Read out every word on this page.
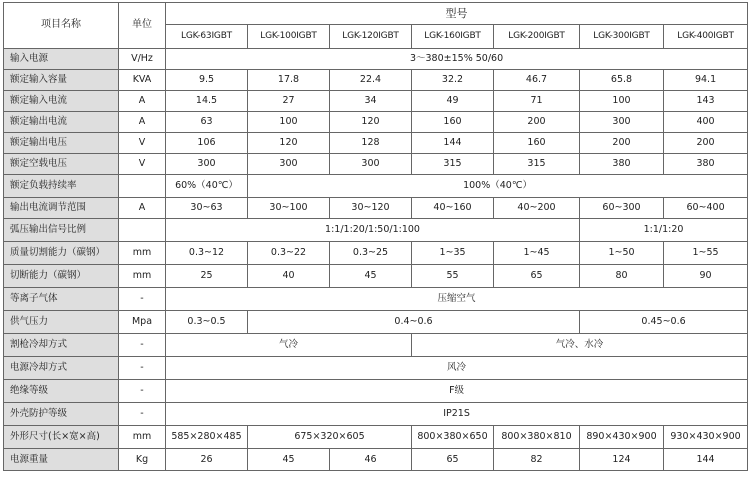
项目名称	单位	型号						
		LGK-63IGBT	LGK-100IGBT	LGK-120IGBT	LGK-160IGBT	LGK-200IGBT	LGK-300IGBT	LGK-400IGBT
输入电源	V/Hz	3～380±15% 50/60						
额定输入容量	KVA	9.5	17.8	22.4	32.2	46.7	65.8	94.1
额定输入电流	A	14.5	27	34	49	71	100	143
额定输出电流	A	63	100	120	160	200	300	400
额定输出电压	V	106	120	128	144	160	200	200
额定空载电压	V	300	300	300	315	315	380	380
额定负载持续率		60%（40℃）	100%（40℃）					
输出电流调节范围	A	30~63	30~100	30~120	40~160	40~200	60~300	60~400
弧压输出信号比例		1:1/1:20/1:50/1:100					1:1/1:20	
质量切割能力（碳钢）	mm	0.3~12	0.3~22	0.3~25	1~35	1~45	1~50	1~55
切断能力（碳钢）	mm	25	40	45	55	65	80	90
等离子气体	-	压缩空气						
供气压力	Mpa	0.3~0.5	0.4~0.6				0.45~0.6	
割枪冷却方式	-	气冷			气冷、水冷			
电源冷却方式	-	风冷						
绝缘等级	-	F级						
外壳防护等级	-	IP21S						
外形尺寸(长×宽×高)	mm	585×280×485	675×320×605		800×380×650	800×380×810	890×430×900	930×430×900
电源重量	Kg	26	45	46	65	82	124	144
